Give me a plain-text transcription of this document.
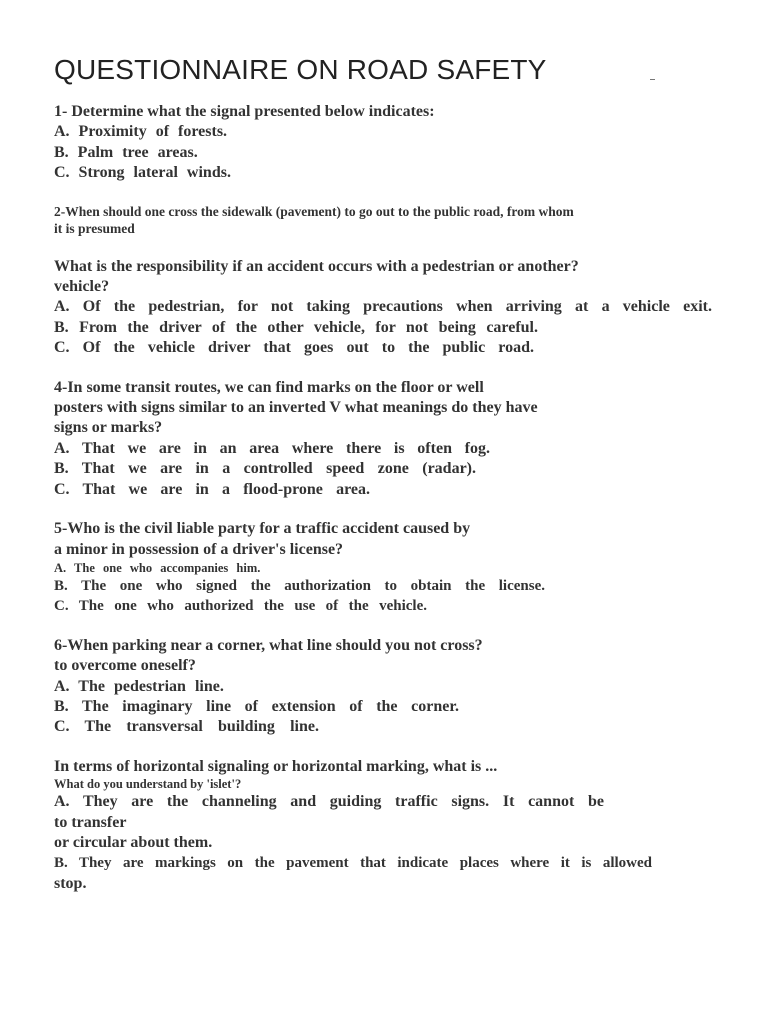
QUESTIONNAIRE ON ROAD SAFETY

1- Determine what the signal presented below indicates:

A. Proximity of forests.

B. Palm tree areas.

C. Strong lateral winds.

2-When should one cross the sidewalk (pavement) to go out to the public road, from whom

it is presumed

What is the responsibility if an accident occurs with a pedestrian or another?

vehicle?

A. Of the pedestrian, for not taking precautions when arriving at a vehicle exit.

B. From the driver of the other vehicle, for not being careful.

C. Of the vehicle driver that goes out to the public road.

4-In some transit routes, we can find marks on the floor or well

posters with signs similar to an inverted V what meanings do they have

signs or marks?

A. That we are in an area where there is often fog.

B. That we are in a controlled speed zone (radar).

C. That we are in a flood-prone area.

5-Who is the civil liable party for a traffic accident caused by

a minor in possession of a driver's license?

A. The one who accompanies him.

B. The one who signed the authorization to obtain the license.

C. The one who authorized the use of the vehicle.

6-When parking near a corner, what line should you not cross?

to overcome oneself?

A. The pedestrian line.

B. The imaginary line of extension of the corner.

C. The transversal building line.

In terms of horizontal signaling or horizontal marking, what is ...

What do you understand by 'islet'?

A. They are the channeling and guiding traffic signs. It cannot be

to transfer

or circular about them.

B. They are markings on the pavement that indicate places where it is allowed

stop.
